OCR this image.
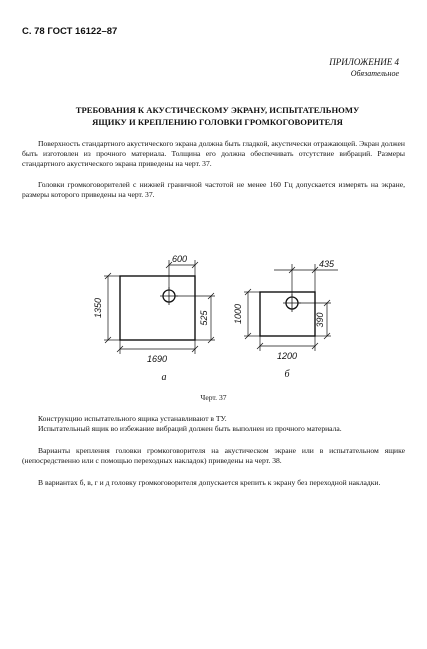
С. 78 ГОСТ 16122–87
ПРИЛОЖЕНИЕ 4
Обязательное
ТРЕБОВАНИЯ К АКУСТИЧЕСКОМУ ЭКРАНУ, ИСПЫТАТЕЛЬНОМУ
ЯЩИКУ И КРЕПЛЕНИЮ ГОЛОВКИ ГРОМКОГОВОРИТЕЛЯ

Поверхность стандартного акустического экрана должна быть гладкой, акустически отражающей. Экран должен быть изготовлен из прочного материала. Толщина его должна обеспечивать отсутствие вибраций. Размеры стандартного акустического экрана приведены на черт. 37.

Головки громкоговорителей с нижней граничной частотой не менее 160 Гц допускается измерять на экране, размеры которого приведены на черт. 37.

600
1350	525
1690
а
435
1000	390
1200
б
Черт. 37

Конструкцию испытательного ящика устанавливают в ТУ.

Испытательный ящик во избежание вибраций должен быть выполнен из прочного материала.

Варианты крепления головки громкоговорителя на акустическом экране или в испытательном ящике (непосредственно или с помощью переходных накладок) приведены на черт. 38.

В вариантах б, в, г и д головку громкоговорителя допускается крепить к экрану без переходной накладки.
